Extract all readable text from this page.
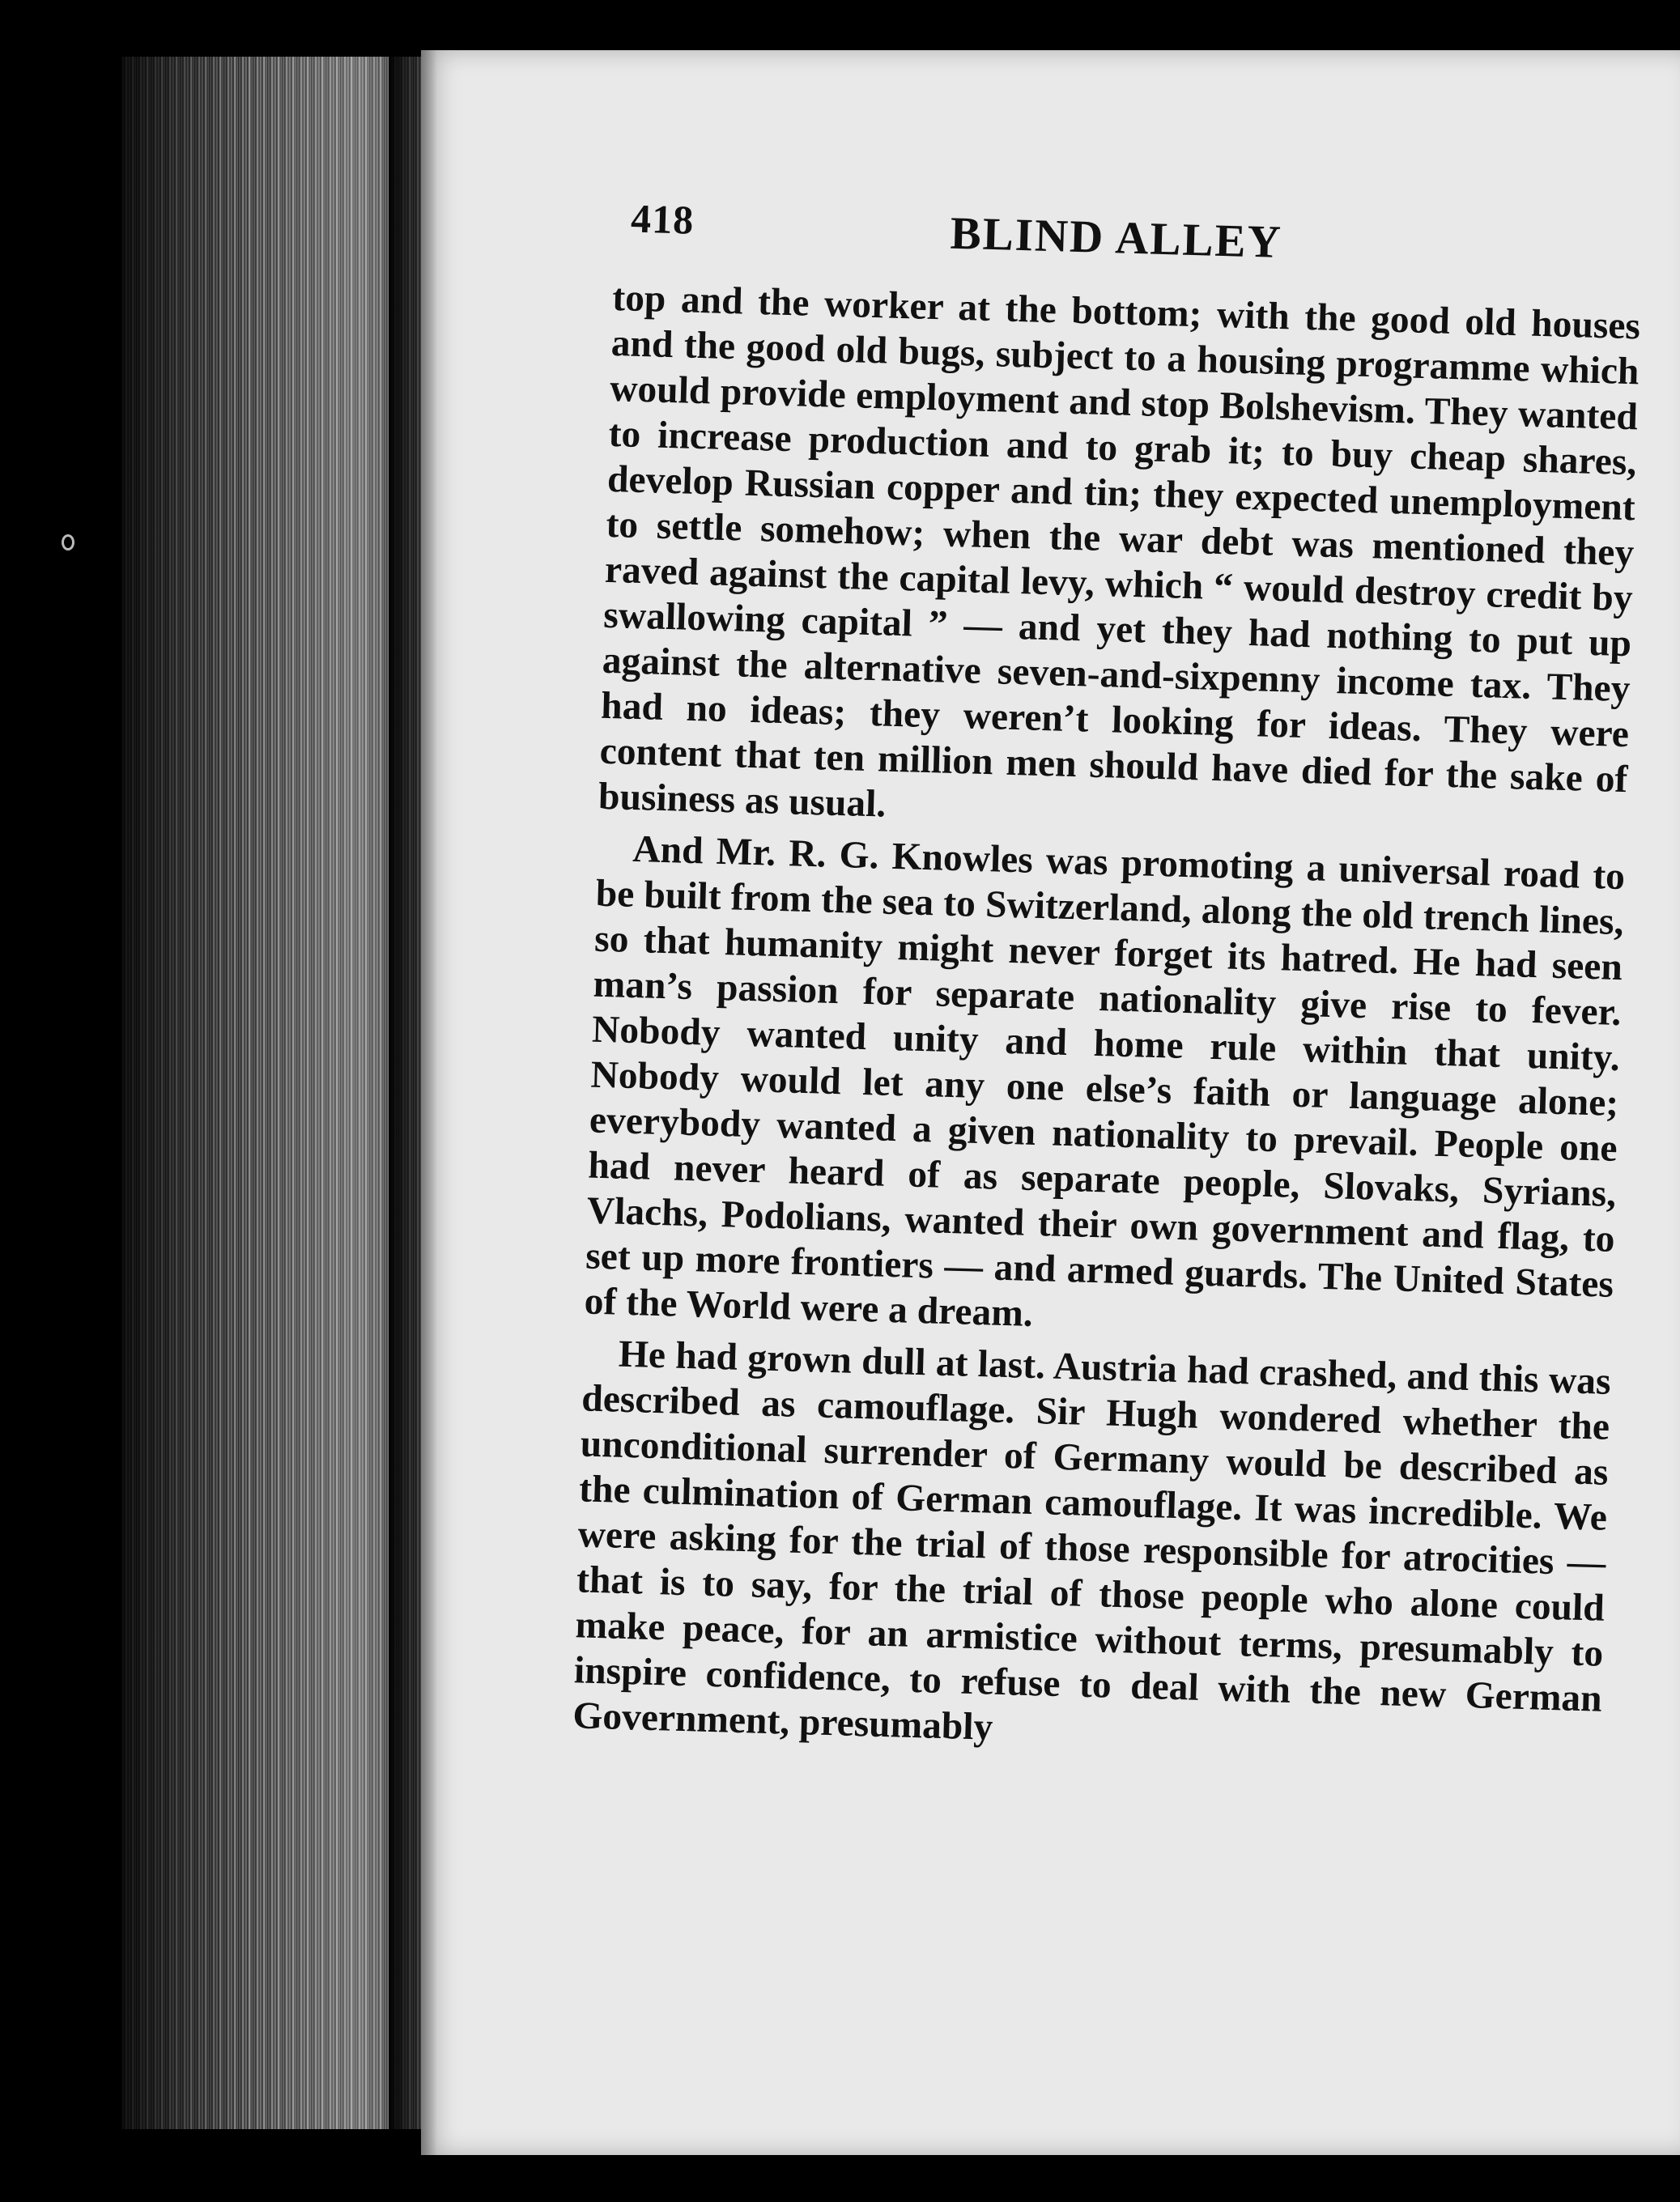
418	BLIND ALLEY

top and the worker at the bottom; with the good old houses and the good old bugs, subject to a housing programme which would provide employment and stop Bolshevism. They wanted to increase production and to grab it; to buy cheap shares, develop Russian copper and tin; they expected unemployment to settle somehow; when the war debt was mentioned they raved against the capital levy, which “ would destroy credit by swallowing capital ” — and yet they had nothing to put up against the alternative seven-and-sixpenny income tax. They had no ideas; they weren’t looking for ideas. They were content that ten million men should have died for the sake of business as usual.

And Mr. R. G. Knowles was promoting a universal road to be built from the sea to Switzerland, along the old trench lines, so that humanity might never forget its hatred. He had seen man’s passion for separate nationality give rise to fever. Nobody wanted unity and home rule within that unity. Nobody would let any one else’s faith or language alone; everybody wanted a given nationality to prevail. People one had never heard of as separate people, Slovaks, Syrians, Vlachs, Podolians, wanted their own government and flag, to set up more frontiers — and armed guards. The United States of the World were a dream.

He had grown dull at last. Austria had crashed, and this was described as camouflage. Sir Hugh wondered whether the unconditional surrender of Germany would be described as the culmination of German camouflage. It was incredible. We were asking for the trial of those responsible for atrocities — that is to say, for the trial of those people who alone could make peace, for an armistice without terms, presumably to inspire confidence, to refuse to deal with the new German Government, presumably
